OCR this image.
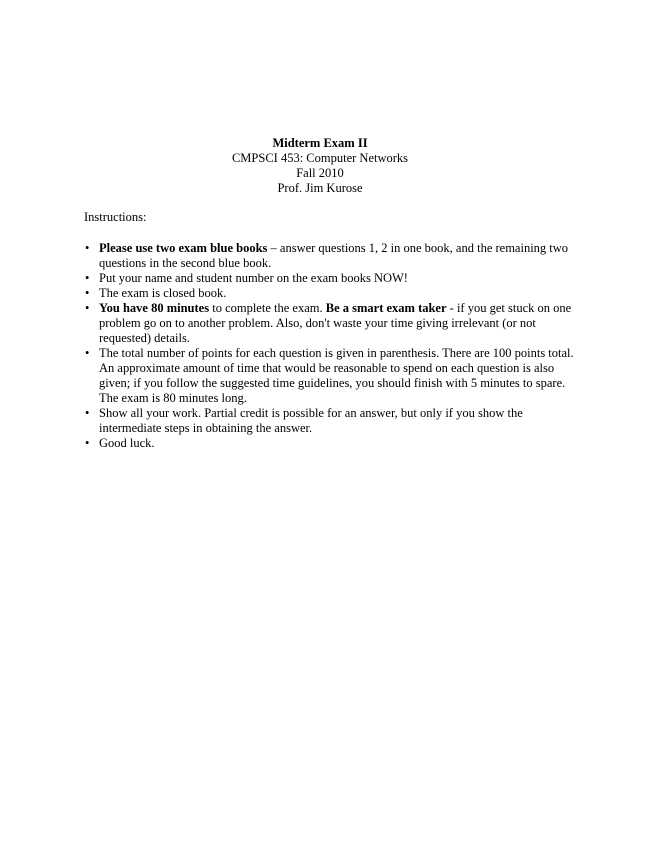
Midterm Exam II
CMPSCI 453: Computer Networks
Fall 2010
Prof. Jim Kurose
Instructions:
• Please use two exam blue books – answer questions 1, 2 in one book, and the remaining two questions in the second blue book.
• Put your name and student number on the exam books NOW!
• The exam is closed book.
• You have 80 minutes to complete the exam. Be a smart exam taker - if you get stuck on one problem go on to another problem. Also, don't waste your time giving irrelevant (or not requested) details.
• The total number of points for each question is given in parenthesis. There are 100 points total. An approximate amount of time that would be reasonable to spend on each question is also given; if you follow the suggested time guidelines, you should finish with 5 minutes to spare. The exam is 80 minutes long.
• Show all your work. Partial credit is possible for an answer, but only if you show the intermediate steps in obtaining the answer.
• Good luck.
